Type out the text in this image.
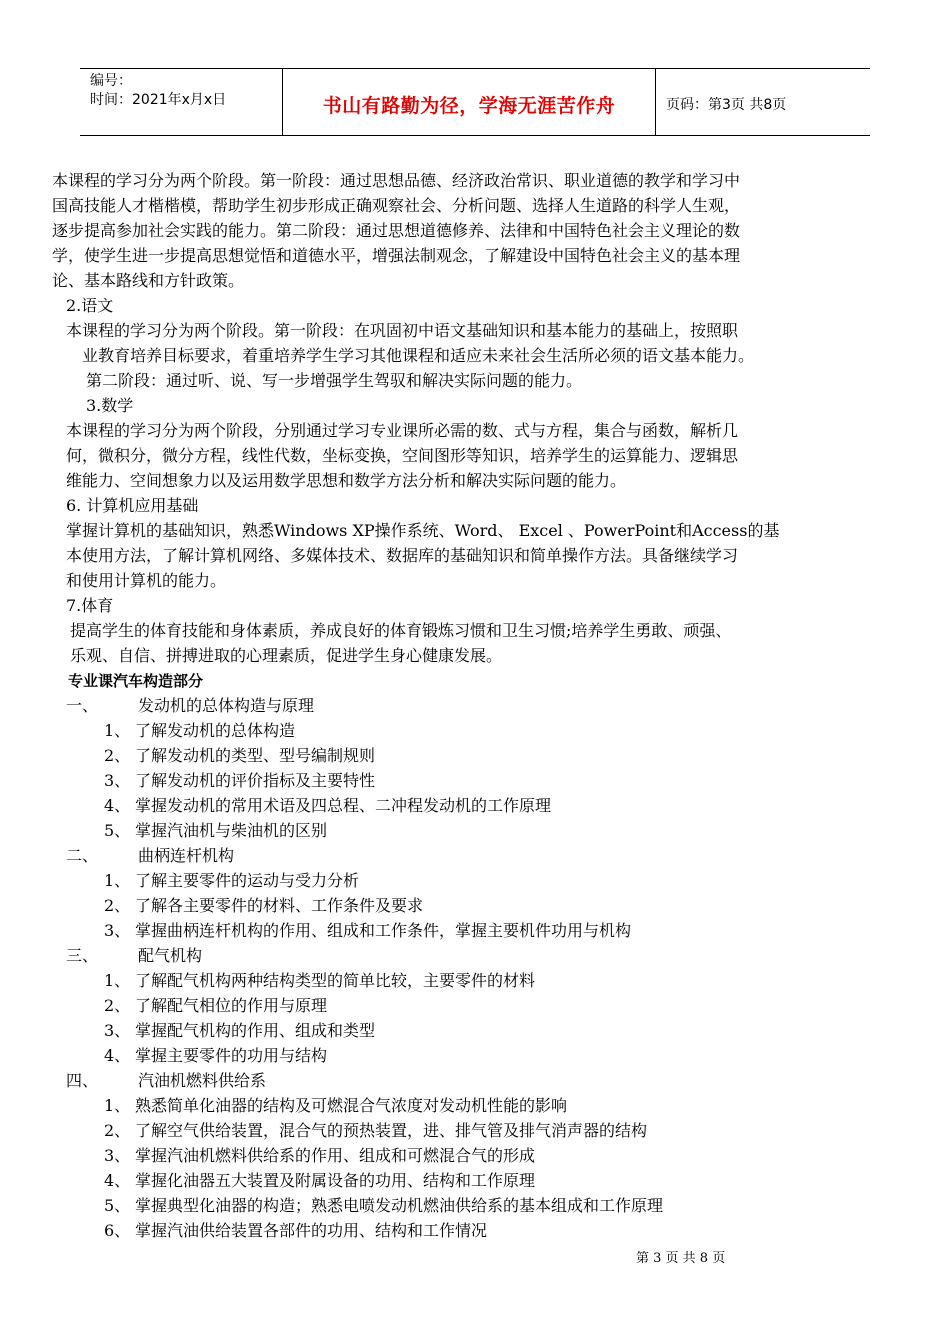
编号：
时间：2021年x月x日	书山有路勤为径，学海无涯苦作舟	页码：第3页 共8页
本课程的学习分为两个阶段。第一阶段：通过思想品德、经济政治常识、职业道德的教学和学习中
国高技能人才楷楷模，帮助学生初步形成正确观察社会、分析问题、选择人生道路的科学人生观，
逐步提高参加社会实践的能力。第二阶段：通过思想道德修养、法律和中国特色社会主义理论的数
学，使学生进一步提高思想觉悟和道德水平，增强法制观念，了解建设中国特色社会主义的基本理
论、基本路线和方针政策。
2.语文
本课程的学习分为两个阶段。第一阶段：在巩固初中语文基础知识和基本能力的基础上，按照职
业教育培养目标要求，着重培养学生学习其他课程和适应未来社会生活所必须的语文基本能力。
第二阶段：通过听、说、写一步增强学生驾驭和解决实际问题的能力。
3.数学
本课程的学习分为两个阶段，分别通过学习专业课所必需的数、式与方程，集合与函数，解析几
何，微积分，微分方程，线性代数，坐标变换，空间图形等知识，培养学生的运算能力、逻辑思
维能力、空间想象力以及运用数学思想和数学方法分析和解决实际问题的能力。
6. 计算机应用基础
掌握计算机的基础知识，熟悉Windows XP操作系统、Word、 Excel 、PowerPoint和Access的基
本使用方法，了解计算机网络、多媒体技术、数据库的基础知识和简单操作方法。具备继续学习
和使用计算机的能力。
7.体育
提高学生的体育技能和身体素质，养成良好的体育锻炼习惯和卫生习惯;培养学生勇敢、顽强、
乐观、自信、拼搏进取的心理素质，促进学生身心健康发展。
专业课汽车构造部分
一、 发动机的总体构造与原理
1、 了解发动机的总体构造
2、 了解发动机的类型、型号编制规则
3、 了解发动机的评价指标及主要特性
4、 掌握发动机的常用术语及四总程、二冲程发动机的工作原理
5、 掌握汽油机与柴油机的区别
二、 曲柄连杆机构
1、 了解主要零件的运动与受力分析
2、 了解各主要零件的材料、工作条件及要求
3、 掌握曲柄连杆机构的作用、组成和工作条件，掌握主要机件功用与机构
三、 配气机构
1、 了解配气机构两种结构类型的简单比较，主要零件的材料
2、 了解配气相位的作用与原理
3、 掌握配气机构的作用、组成和类型
4、 掌握主要零件的功用与结构
四、 汽油机燃料供给系
1、 熟悉简单化油器的结构及可燃混合气浓度对发动机性能的影响
2、 了解空气供给装置，混合气的预热装置，进、排气管及排气消声器的结构
3、 掌握汽油机燃料供给系的作用、组成和可燃混合气的形成
4、 掌握化油器五大装置及附属设备的功用、结构和工作原理
5、 掌握典型化油器的构造；熟悉电喷发动机燃油供给系的基本组成和工作原理
6、 掌握汽油供给装置各部件的功用、结构和工作情况
第 3 页 共 8 页
